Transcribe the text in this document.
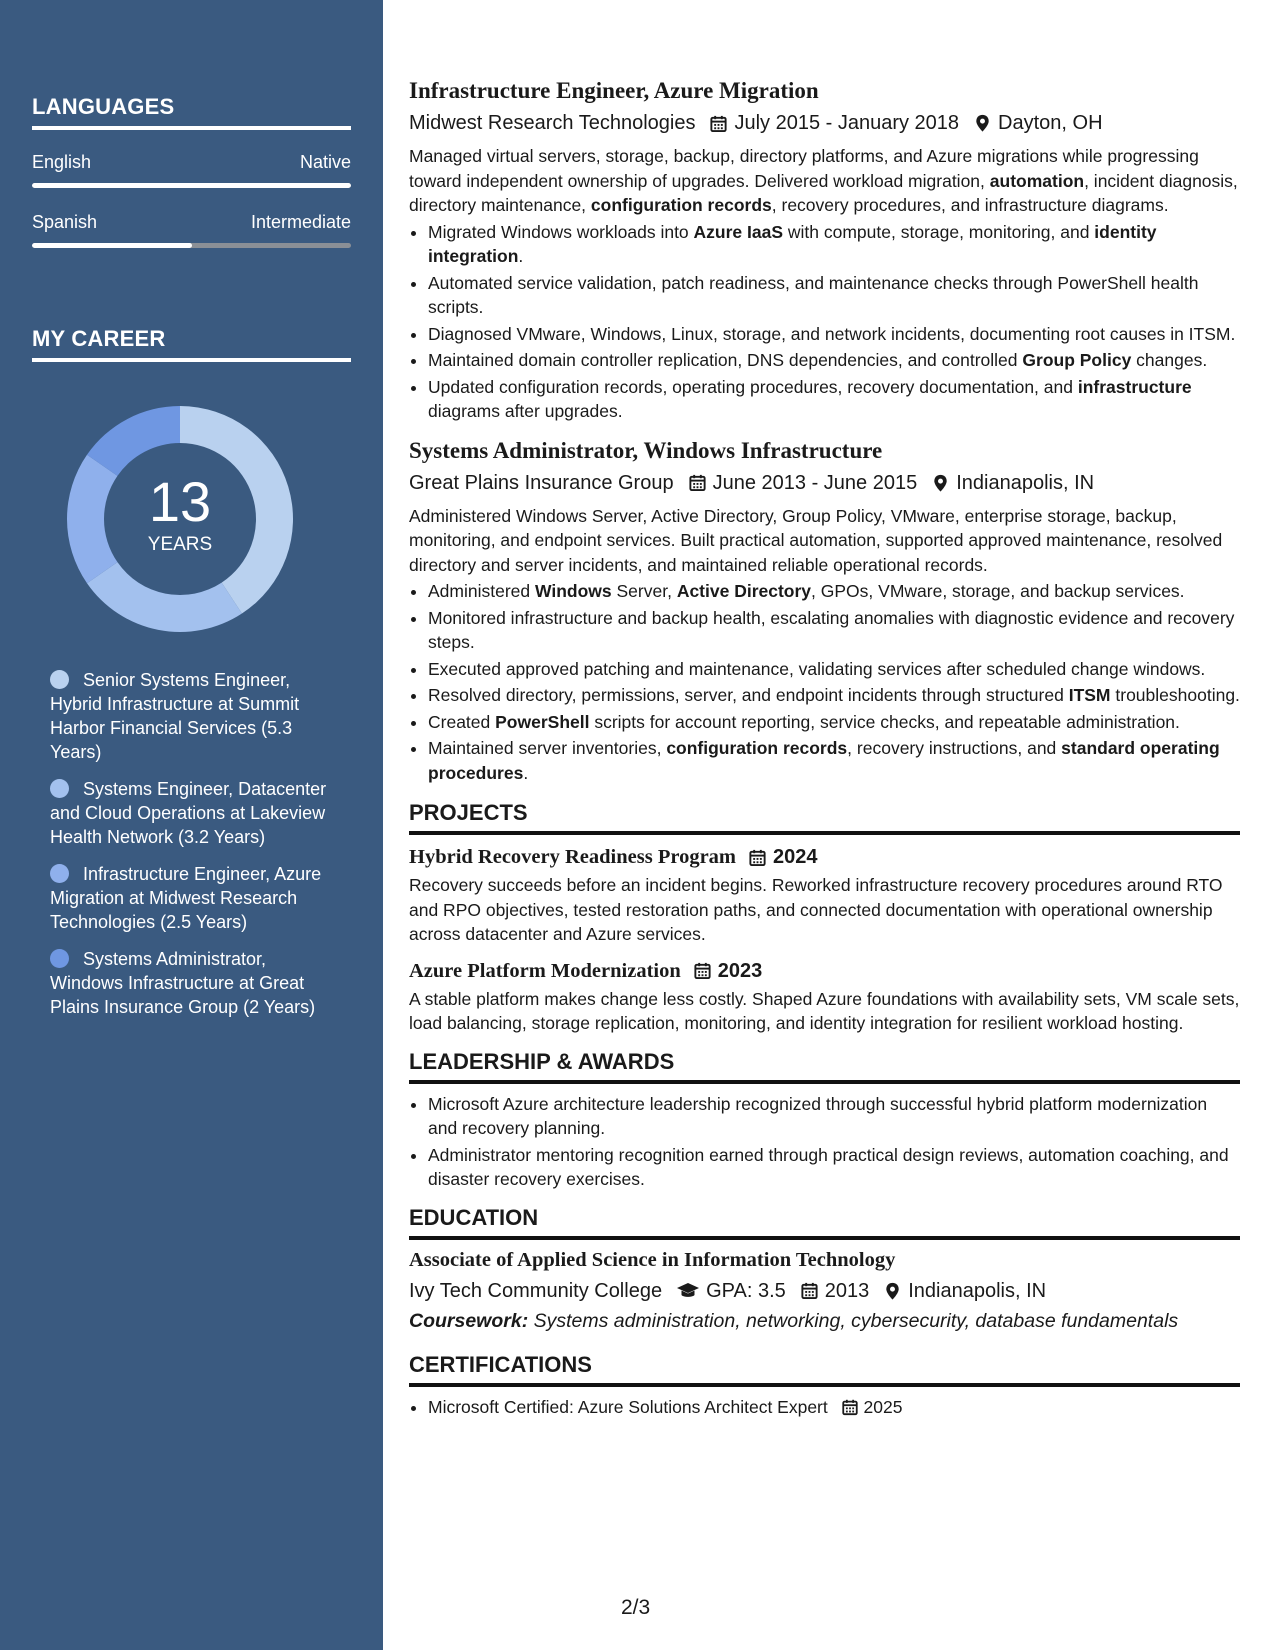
LANGUAGES
English	Native
Spanish	Intermediate
MY CAREER
13
YEARS
Senior Systems Engineer, Hybrid Infrastructure at Summit Harbor Financial Services (5.3 Years)
Systems Engineer, Datacenter and Cloud Operations at Lakeview Health Network (3.2 Years)
Infrastructure Engineer, Azure Migration at Midwest Research Technologies (2.5 Years)
Systems Administrator, Windows Infrastructure at Great Plains Insurance Group (2 Years)
Infrastructure Engineer, Azure Migration
Midwest Research Technologies July 2015 - January 2018 Dayton, OH

Managed virtual servers, storage, backup, directory platforms, and Azure migrations while progressing toward independent ownership of upgrades. Delivered workload migration, automation, incident diagnosis, directory maintenance, configuration records, recovery procedures, and infrastructure diagrams.

• Migrated Windows workloads into Azure IaaS with compute, storage, monitoring, and identity integration.
• Automated service validation, patch readiness, and maintenance checks through PowerShell health scripts.
• Diagnosed VMware, Windows, Linux, storage, and network incidents, documenting root causes in ITSM.
• Maintained domain controller replication, DNS dependencies, and controlled Group Policy changes.
• Updated configuration records, operating procedures, recovery documentation, and infrastructure diagrams after upgrades.
Systems Administrator, Windows Infrastructure
Great Plains Insurance Group June 2013 - June 2015 Indianapolis, IN

Administered Windows Server, Active Directory, Group Policy, VMware, enterprise storage, backup, monitoring, and endpoint services. Built practical automation, supported approved maintenance, resolved directory and server incidents, and maintained reliable operational records.

• Administered Windows Server, Active Directory, GPOs, VMware, storage, and backup services.
• Monitored infrastructure and backup health, escalating anomalies with diagnostic evidence and recovery steps.
• Executed approved patching and maintenance, validating services after scheduled change windows.
• Resolved directory, permissions, server, and endpoint incidents through structured ITSM troubleshooting.
• Created PowerShell scripts for account reporting, service checks, and repeatable administration.
• Maintained server inventories, configuration records, recovery instructions, and standard operating procedures.
PROJECTS
Hybrid Recovery Readiness Program 2024

Recovery succeeds before an incident begins. Reworked infrastructure recovery procedures around RTO and RPO objectives, tested restoration paths, and connected documentation with operational ownership across datacenter and Azure services.

Azure Platform Modernization 2023

A stable platform makes change less costly. Shaped Azure foundations with availability sets, VM scale sets, load balancing, storage replication, monitoring, and identity integration for resilient workload hosting.

LEADERSHIP & AWARDS
• Microsoft Azure architecture leadership recognized through successful hybrid platform modernization and recovery planning.
• Administrator mentoring recognition earned through practical design reviews, automation coaching, and disaster recovery exercises.
EDUCATION
Associate of Applied Science in Information Technology
Ivy Tech Community College GPA: 3.5 2013 Indianapolis, IN
Coursework: Systems administration, networking, cybersecurity, database fundamentals
CERTIFICATIONS
• Microsoft Certified: Azure Solutions Architect Expert 2025
2/3
